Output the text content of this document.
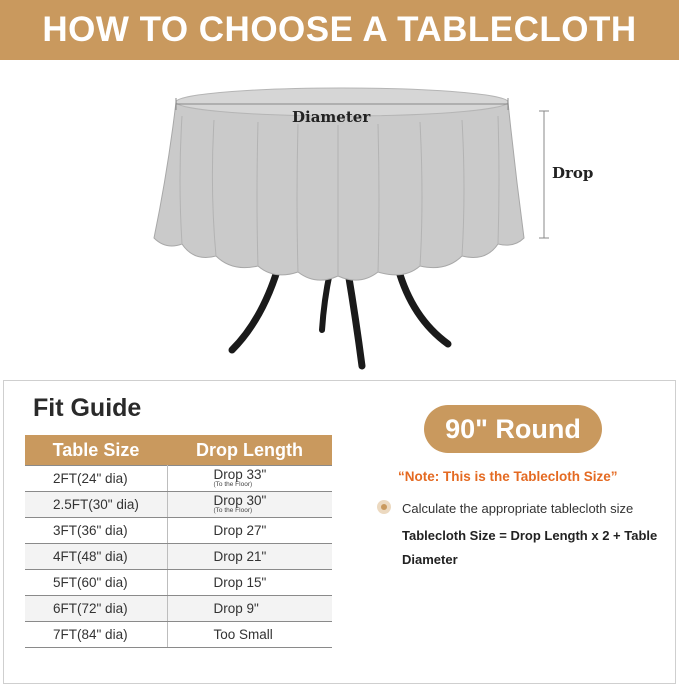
HOW TO CHOOSE A TABLECLOTH
Diameter
Drop
Fit Guide
Table Size	Drop Length
2FT(24" dia)	Drop 33"
(To the Floor)

2.5FT(30" dia)	Drop 30"
(To the Floor)

3FT(36" dia)	Drop 27"
4FT(48" dia)	Drop 21"
5FT(60" dia)	Drop 15"
6FT(72" dia)	Drop 9"
7FT(84" dia)	Too Small
90" Round
“Note: This is the Tablecloth Size”
Calculate the appropriate tablecloth size
Tablecloth Size = Drop Length x 2 + Table Diameter
